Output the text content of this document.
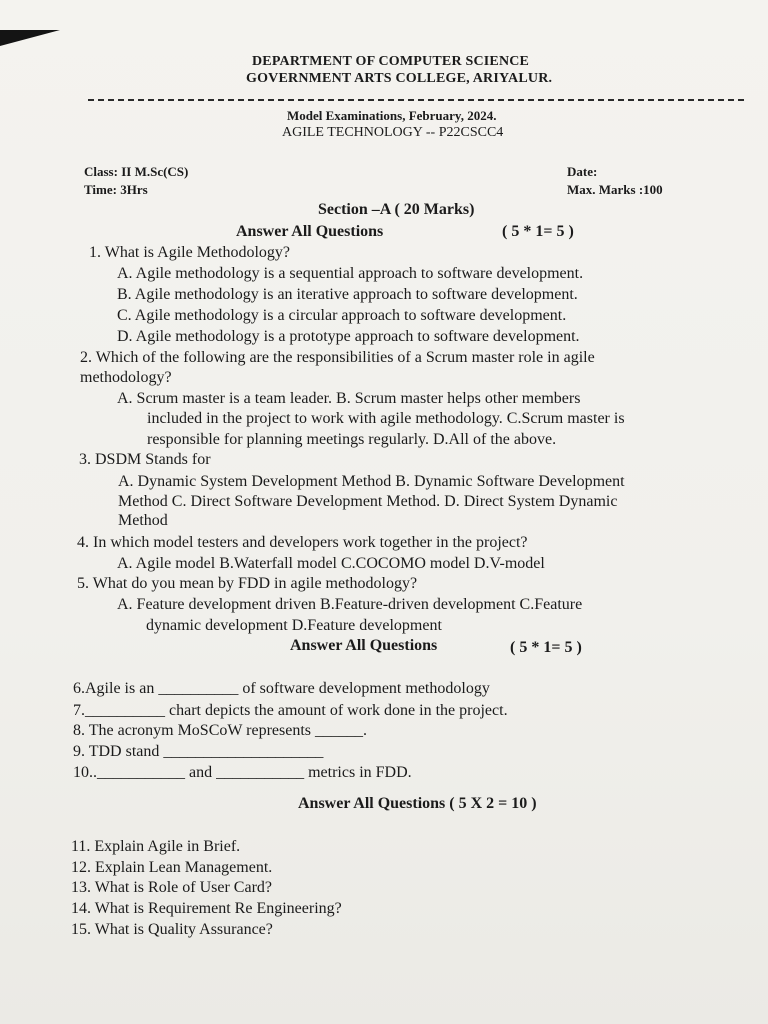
DEPARTMENT OF COMPUTER SCIENCE
GOVERNMENT ARTS COLLEGE, ARIYALUR.
Model Examinations, February, 2024.
AGILE TECHNOLOGY -- P22CSCC4
Class: II M.Sc(CS)
Time: 3Hrs
Date:
Max. Marks :100
Section –A ( 20 Marks)
Answer All Questions	( 5 * 1= 5 )
1. What is Agile Methodology?
A. Agile methodology is a sequential approach to software development.
B. Agile methodology is an iterative approach to software development.
C. Agile methodology is a circular approach to software development.
D. Agile methodology is a prototype approach to software development.
2. Which of the following are the responsibilities of a Scrum master role in agile
methodology?
A. Scrum master is a team leader. B. Scrum master helps other members
included in the project to work with agile methodology. C.Scrum master is
responsible for planning meetings regularly. D.All of the above.
3. DSDM Stands for
A. Dynamic System Development Method B. Dynamic Software Development
Method C. Direct Software Development Method. D. Direct System Dynamic
Method
4. In which model testers and developers work together in the project?
A. Agile model B.Waterfall model C.COCOMO model D.V-model
5. What do you mean by FDD in agile methodology?
A. Feature development driven B.Feature-driven development C.Feature
dynamic development D.Feature development
Answer All Questions	( 5 * 1= 5 )
6.Agile is an __________ of software development methodology
7.__________ chart depicts the amount of work done in the project.
8. The acronym MoSCoW represents ______.
9. TDD stand ____________________
10..___________ and ___________ metrics in FDD.
Answer All Questions ( 5 X 2 = 10 )
11. Explain Agile in Brief.
12. Explain Lean Management.
13. What is Role of User Card?
14. What is Requirement Re Engineering?
15. What is Quality Assurance?
